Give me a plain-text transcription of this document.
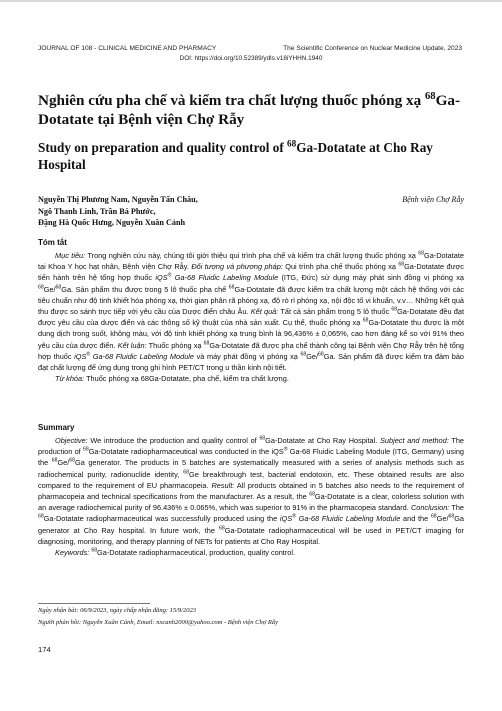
JOURNAL OF 108 - CLINICAL MEDICINE AND PHARMACY	The Scientific Conference on Nuclear Medicine Update, 2023
DOI: https://doi.org/10.52389/ydls.v18iYHHN.1940
Nghiên cứu pha chế và kiểm tra chất lượng thuốc phóng xạ $^{68}$Ga-Dotatate tại Bệnh viện Chợ Rẫy
Study on preparation and quality control of $^{68}$Ga-Dotatate at Cho Ray Hospital
Nguyễn Thị Phương Nam, Nguyễn Tấn Châu,
Ngô Thanh Linh, Trần Bá Phước,
Đặng Hà Quốc Hưng, Nguyễn Xuân Cảnh
Bệnh viện Chợ Rẫy
Tóm tắt

Mục tiêu: Trong nghiên cứu này, chúng tôi giới thiệu qui trình pha chế và kiểm tra chất lượng thuốc phóng xạ $^{68}$Ga-Dotatate tại Khoa Y học hạt nhân, Bệnh viện Chợ Rẫy. Đối tượng và phương pháp: Qui trình pha chế thuốc phóng xạ $^{68}$Ga-Dotatate được tiến hành trên hệ tổng hợp thuốc iQS® Ga-68 Fluidic Labeling Module (ITG, Đức) sử dụng máy phát sinh đồng vị phóng xạ $^{68}$Ge/$^{68}$Ga. Sản phẩm thu được trong 5 lô thuốc pha chế $^{68}$Ga-Dotatate đã được kiểm tra chất lượng một cách hệ thống với các tiêu chuẩn như độ tinh khiết hóa phóng xạ, thời gian phân rã phóng xạ, độ rò rỉ phóng xạ, nội độc tố vi khuẩn, v.v… Những kết quả thu được so sánh trực tiếp với yêu cầu của Dược điển châu Âu. Kết quả: Tất cả sản phẩm trong 5 lô thuốc $^{68}$Ga-Dotatate đều đạt được yêu cầu của dược điển và các thông số kỹ thuật của nhà sản xuất. Cụ thể, thuốc phóng xạ $^{68}$Ga-Dotatate thu được là một dung dịch trong suốt, không màu, với độ tinh khiết phóng xạ trung bình là 96,436% ± 0,065%, cao hơn đáng kể so với 91% theo yêu cầu của dược điển. Kết luận: Thuốc phóng xạ $^{68}$Ga-Dotatate đã được pha chế thành công tại Bệnh viện Chợ Rẫy trên hệ tổng hợp thuốc iQS® Ga-68 Fluidic Labeling Module và máy phát đồng vị phóng xạ $^{68}$Ge/$^{68}$Ga. Sản phẩm đã được kiểm tra đảm bảo đạt chất lượng để ứng dụng trong ghi hình PET/CT trong u thần kinh nội tiết.

Từ khóa: Thuốc phóng xạ 68Ga-Dotatate, pha chế, kiểm tra chất lượng.

Summary

Objective: We introduce the production and quality control of $^{68}$Ga-Dotatate at Cho Ray Hospital. Subject and method: The production of $^{68}$Ga-Dotatate radiopharmaceutical was conducted in the iQS® Ga-68 Fluidic Labeling Module (ITG, Germany) using the $^{68}$Ge/$^{68}$Ga generator. The products in 5 batches are systematically measured with a series of analysis methods such as radiochemical purity, radionuclide identity, $^{68}$Ge breakthrough test, bacterial endotoxin, etc. These obtained results are also compared to the requirement of EU pharmacopeia. Result: All products obtained in 5 batches also needs to the requirement of pharmacopeia and technical specifications from the manufacturer. As a result, the $^{68}$Ga-Dotatate is a clear, colorless solution with an average radiochemical purity of 96.436% ± 0.065%, which was superior to 91% in the pharmacopeia standard. Conclusion: The $^{68}$Ga-Dotatate radiopharmaceutical was successfully produced using the iQS® Ga-68 Fluidic Labeling Module and the $^{68}$Ge/$^{68}$Ga generator at Cho Ray hospital. In future work, the $^{68}$Ga-Dotatate radiopharmaceutical will be used in PET/CT imaging for diagnosing, monitoring, and therapy planning of NETs for patients at Cho Ray Hospital.

Keywords: $^{68}$Ga-Dotatate radiopharmaceutical, production, quality control.

Ngày nhận bài: 06/9/2023, ngày chấp nhận đăng: 15/9/2023
Người phản hồi: Nguyễn Xuân Cảnh, Email: nxcanh2000@yahoo.com - Bệnh viện Chợ Rẫy
174
